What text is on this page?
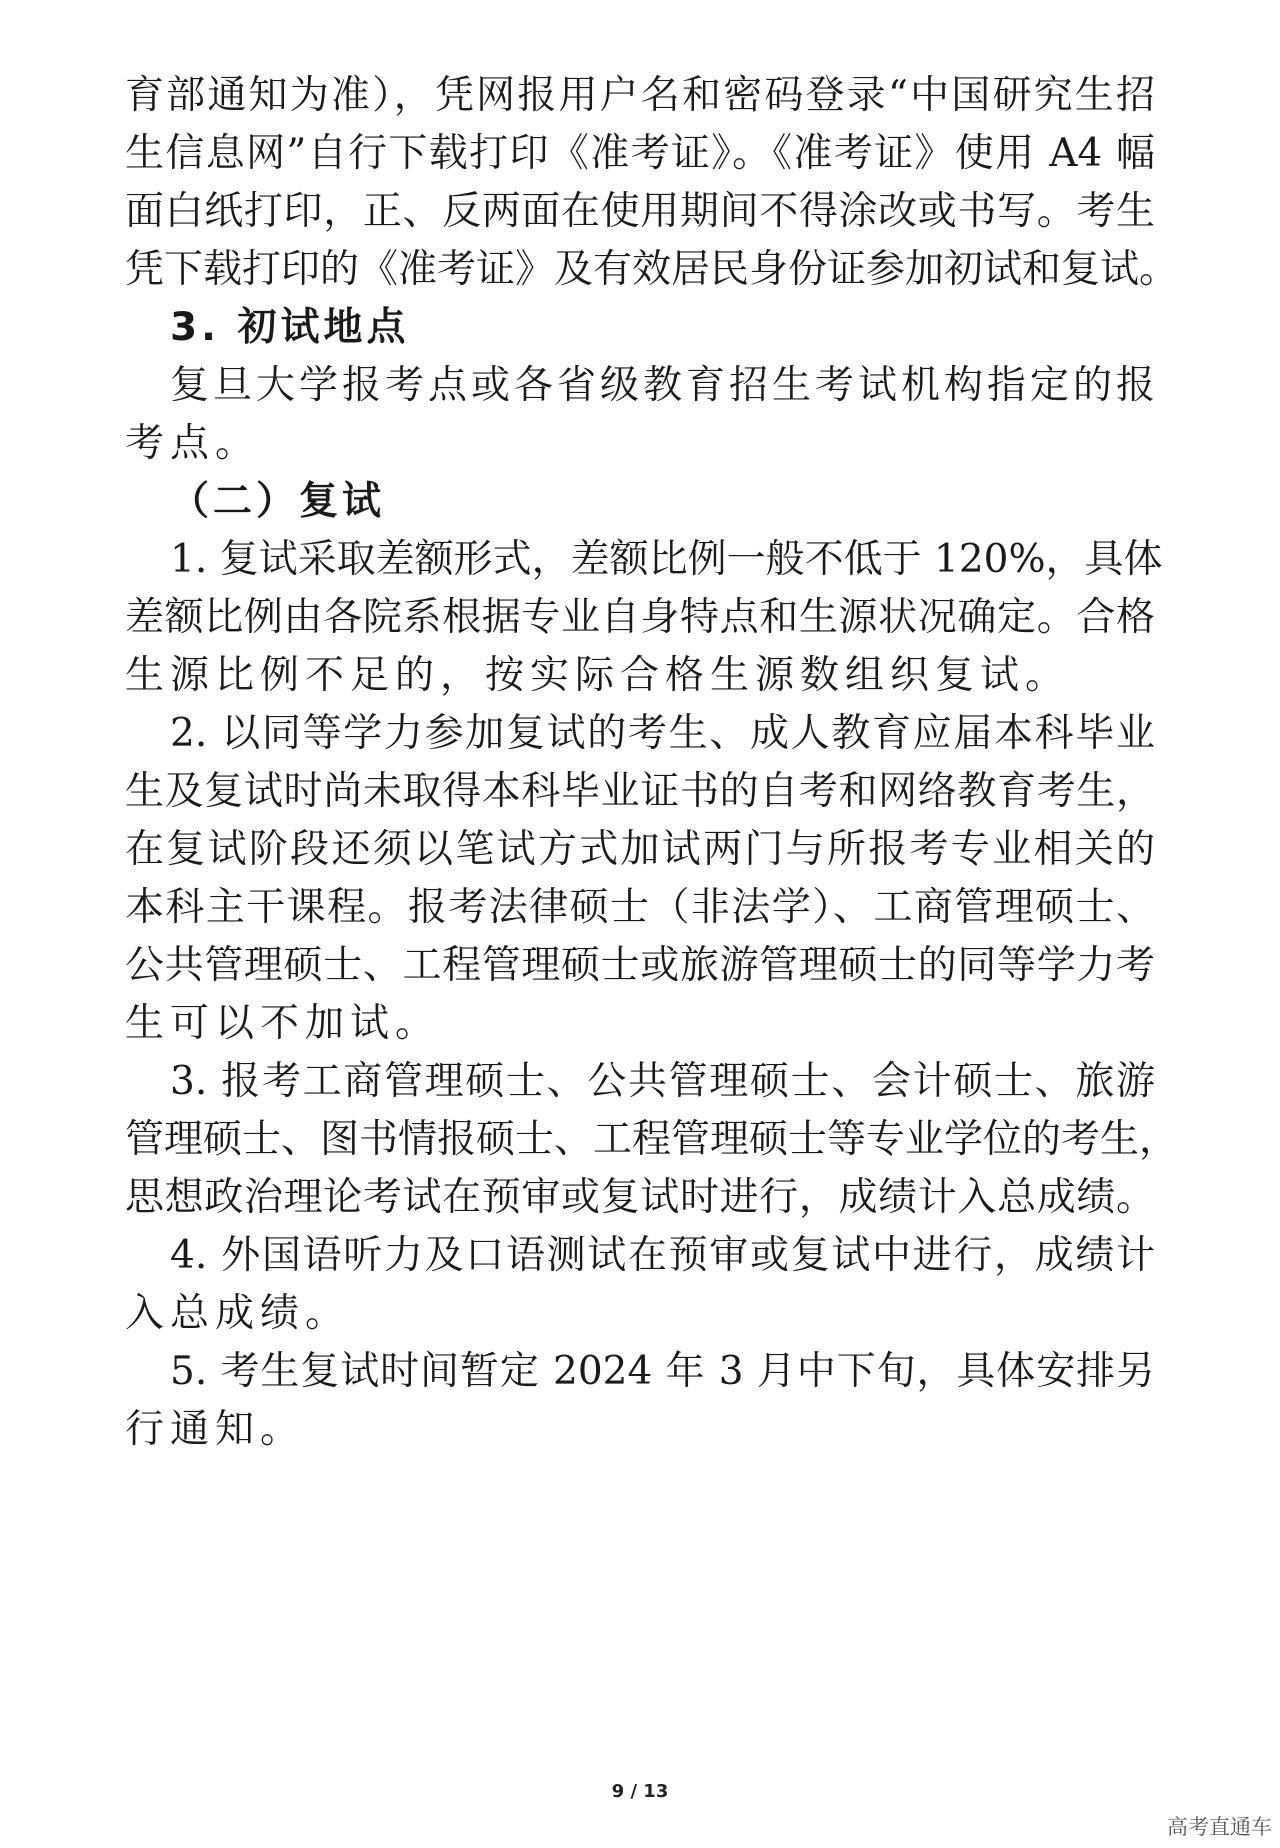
育部通知为准），凭网报用户名和密码登录“中国研究生招
生信息网”自行下载打印《准考证》。《准考证》使用 A4 幅
面白纸打印，正、反两面在使用期间不得涂改或书写。考生
凭下载打印的《准考证》及有效居民身份证参加初试和复试。
3. 初试地点
复旦大学报考点或各省级教育招生考试机构指定的报
考点。
（二）复试
1. 复试采取差额形式，差额比例一般不低于 120%，具体
差额比例由各院系根据专业自身特点和生源状况确定。合格
生源比例不足的，按实际合格生源数组织复试。
2. 以同等学力参加复试的考生、成人教育应届本科毕业
生及复试时尚未取得本科毕业证书的自考和网络教育考生，
在复试阶段还须以笔试方式加试两门与所报考专业相关的
本科主干课程。报考法律硕士（非法学）、工商管理硕士、
公共管理硕士、工程管理硕士或旅游管理硕士的同等学力考
生可以不加试。
3. 报考工商管理硕士、公共管理硕士、会计硕士、旅游
管理硕士、图书情报硕士、工程管理硕士等专业学位的考生，
思想政治理论考试在预审或复试时进行，成绩计入总成绩。
4. 外国语听力及口语测试在预审或复试中进行，成绩计
入总成绩。
5. 考生复试时间暂定 2024 年 3 月中下旬，具体安排另
行通知。
9 / 13
高考直通车
